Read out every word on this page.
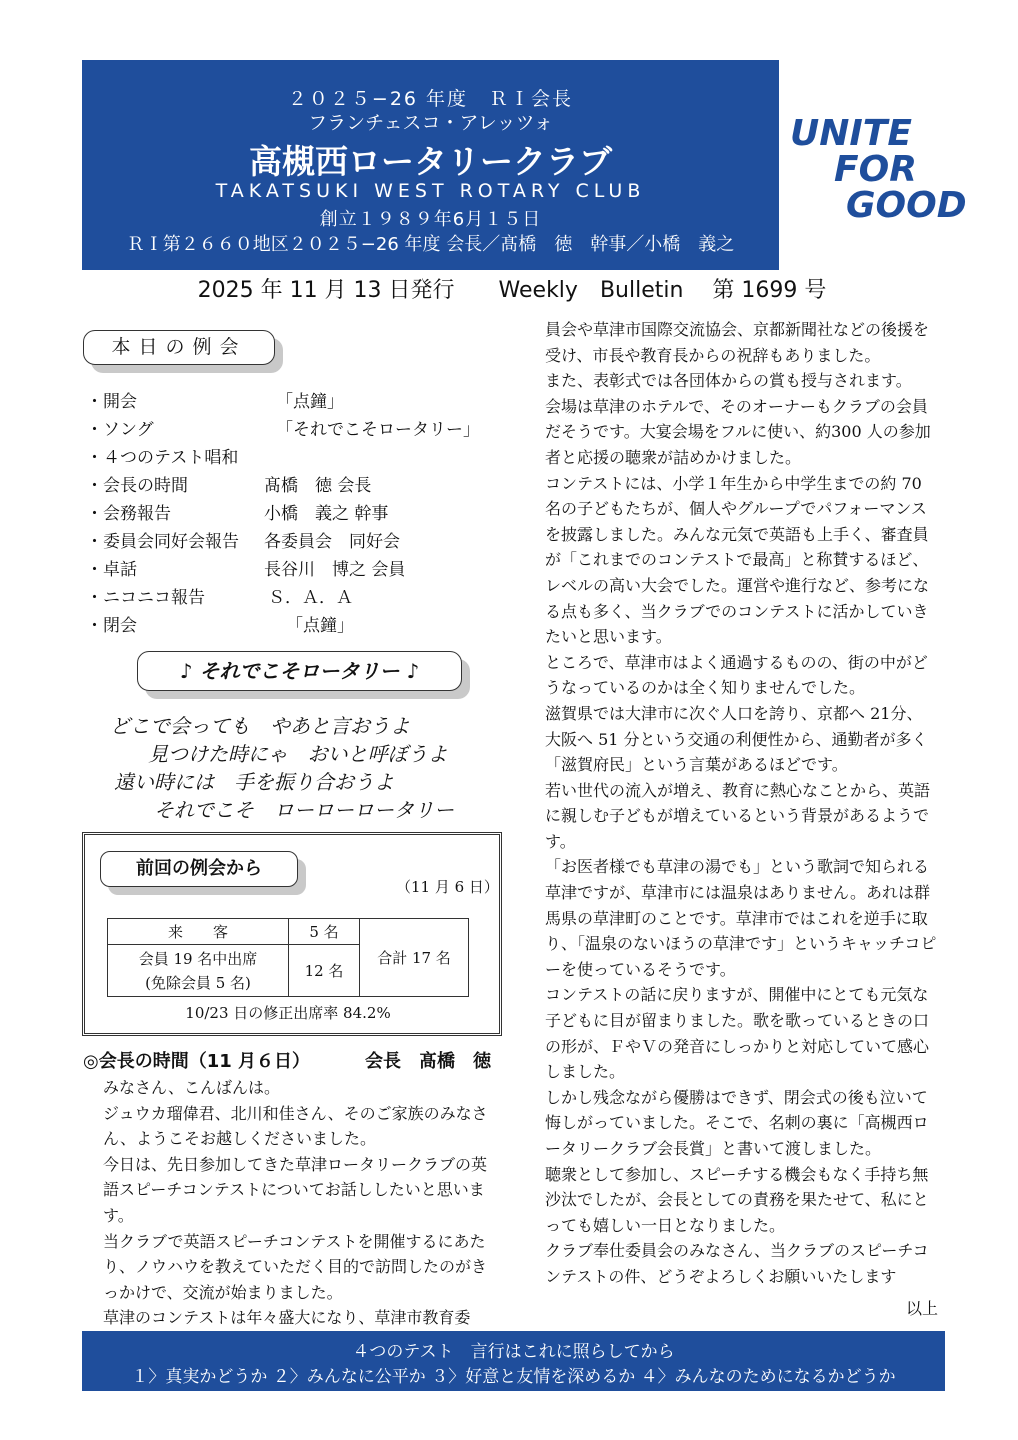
２０２５−26 年度　ＲＩ会長
フランチェスコ・アレッツォ
高槻西ロータリークラブ
TAKATSUKI WEST ROTARY CLUB
創立１９８９年6月１５日
ＲＩ第２６６０地区２０２５−26 年度 会長／髙橋　徳　幹事／小橋　義之
UNITE
FOR
GOOD
2025 年 11 月 13 日発行　　Weekly　Bulletin　 第 1699 号
本日の例会
・開会	「点鐘」
・ソング	「それでこそロータリー」
・４つのテスト唱和
・会長の時間	髙橋　徳 会長
・会務報告	小橋　義之 幹事
・委員会同好会報告 各委員会　同好会
・卓話	長谷川　博之 会員
・ニコニコ報告	Ｓ．Ａ．Ａ
・閉会	「点鐘」
♪ それでこそロータリー ♪
どこで会っても　やあと言おうよ
見つけた時にゃ　おいと呼ぼうよ
遠い時には　手を振り合おうよ
それでこそ　ローローロータリー
前回の例会から
（11 月 6 日）
来　　客	5 名	合計 17 名

会員 19 名中出席
(免除会員 5 名)	12 名	
10/23 日の修正出席率 84.2%
◎会長の時間（11 月６日）	会長　髙橋　徳

みなさん、こんばんは。

ジュウカ瑠偉君、北川和佳さん、そのご家族のみなさん、ようこそお越しくださいました。

今日は、先日参加してきた草津ロータリークラブの英語スピーチコンテストについてお話ししたいと思います。

当クラブで英語スピーチコンテストを開催するにあたり、ノウハウを教えていただく目的で訪問したのがきっかけで、交流が始まりました。

草津のコンテストは年々盛大になり、草津市教育委

員会や草津市国際交流協会、京都新聞社などの後援を受け、市長や教育長からの祝辞もありました。

また、表彰式では各団体からの賞も授与されます。

会場は草津のホテルで、そのオーナーもクラブの会員だそうです。大宴会場をフルに使い、約300 人の参加者と応援の聴衆が詰めかけました。

コンテストには、小学１年生から中学生までの約 70 名の子どもたちが、個人やグループでパフォーマンスを披露しました。みんな元気で英語も上手く、審査員が「これまでのコンテストで最高」と称賛するほど、レベルの高い大会でした。運営や進行など、参考になる点も多く、当クラブでのコンテストに活かしていきたいと思います。

ところで、草津市はよく通過するものの、街の中がどうなっているのかは全く知りませんでした。

滋賀県では大津市に次ぐ人口を誇り、京都へ 21分、大阪へ 51 分という交通の利便性から、通勤者が多く「滋賀府民」という言葉があるほどです。

若い世代の流入が増え、教育に熱心なことから、英語に親しむ子どもが増えているという背景があるようです。

「お医者様でも草津の湯でも」という歌詞で知られる草津ですが、草津市には温泉はありません。あれは群馬県の草津町のことです。草津市ではこれを逆手に取り、「温泉のないほうの草津です」というキャッチコピーを使っているそうです。

コンテストの話に戻りますが、開催中にとても元気な子どもに目が留まりました。歌を歌っているときの口の形が、ＦやＶの発音にしっかりと対応していて感心しました。

しかし残念ながら優勝はできず、閉会式の後も泣いて悔しがっていました。そこで、名刺の裏に「高槻西ロータリークラブ会長賞」と書いて渡しました。

聴衆として参加し、スピーチする機会もなく手持ち無沙汰でしたが、会長としての責務を果たせて、私にとっても嬉しい一日となりました。

クラブ奉仕委員会のみなさん、当クラブのスピーチコンテストの件、どうぞよろしくお願いいたします

以上
４つのテスト　言行はこれに照らしてから
１〉真実かどうか ２〉みんなに公平か ３〉好意と友情を深めるか ４〉みんなのためになるかどうか
